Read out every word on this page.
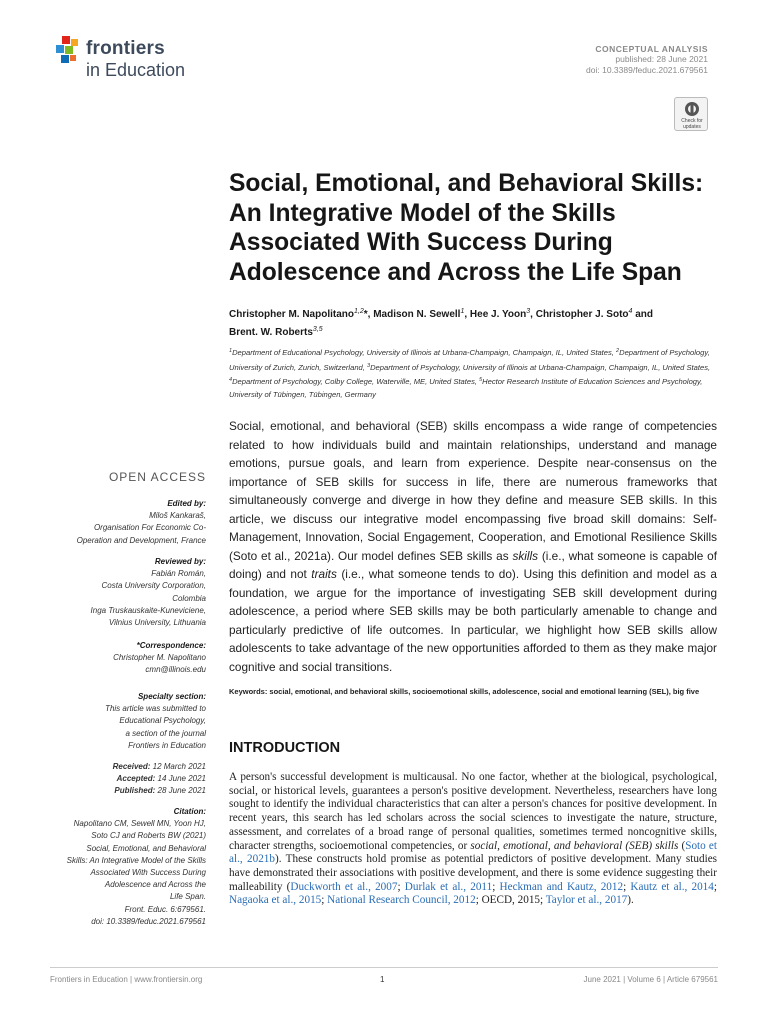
frontiers
in Education
CONCEPTUAL ANALYSIS
published: 28 June 2021
doi: 10.3389/feduc.2021.679561
Check for updates
Social, Emotional, and Behavioral Skills: An Integrative Model of the Skills Associated With Success During Adolescence and Across the Life Span
Christopher M. Napolitano$^{1,2}$*, Madison N. Sewell$^1$, Hee J. Yoon$^3$, Christopher J. Soto$^4$ and
Brent. W. Roberts$^{3,5}$
$^1$Department of Educational Psychology, University of Illinois at Urbana-Champaign, Champaign, IL, United States, $^2$Department of Psychology, University of Zurich, Zurich, Switzerland, $^3$Department of Psychology, University of Illinois at Urbana-Champaign, Champaign, IL, United States, $^4$Department of Psychology, Colby College, Waterville, ME, United States, $^5$Hector Research Institute of Education Sciences and Psychology, University of Tübingen, Tübingen, Germany

Social, emotional, and behavioral (SEB) skills encompass a wide range of competencies related to how individuals build and maintain relationships, understand and manage emotions, pursue goals, and learn from experience. Despite near-consensus on the importance of SEB skills for success in life, there are numerous frameworks that simultaneously converge and diverge in how they define and measure SEB skills. In this article, we discuss our integrative model encompassing five broad skill domains: Self-Management, Innovation, Social Engagement, Cooperation, and Emotional Resilience Skills (Soto et al., 2021a). Our model defines SEB skills as skills (i.e., what someone is capable of doing) and not traits (i.e., what someone tends to do). Using this definition and model as a foundation, we argue for the importance of investigating SEB skill development during adolescence, a period where SEB skills may be both particularly amenable to change and particularly predictive of life outcomes. In particular, we highlight how SEB skills allow adolescents to take advantage of the new opportunities afforded to them as they make major cognitive and social transitions.

Keywords: social, emotional, and behavioral skills, socioemotional skills, adolescence, social and emotional learning (SEL), big five

INTRODUCTION

A person's successful development is multicausal. No one factor, whether at the biological, psychological, social, or historical levels, guarantees a person's positive development. Nevertheless, researchers have long sought to identify the individual characteristics that can alter a person's chances for positive development. In recent years, this search has led scholars across the social sciences to investigate the nature, structure, assessment, and correlates of a broad range of personal qualities, sometimes termed noncognitive skills, character strengths, socioemotional competencies, or social, emotional, and behavioral (SEB) skills (Soto et al., 2021b). These constructs hold promise as potential predictors of positive development. Many studies have demonstrated their associations with positive development, and there is some evidence suggesting their malleability (Duckworth et al., 2007; Durlak et al., 2011; Heckman and Kautz, 2012; Kautz et al., 2014; Nagaoka et al., 2015; National Research Council, 2012; OECD, 2015; Taylor et al., 2017).

OPEN ACCESS
Edited by:
Miloš Kankaraš,
Organisation For Economic Co-
Operation and Development, France
Reviewed by:
Fabián Román,
Costa University Corporation,
Colombia
Inga Truskauskaite-Kuneviciene,
Vilnius University, Lithuania
*Correspondence:
Christopher M. Napolitano
cmn@illinois.edu
Specialty section:
This article was submitted to
Educational Psychology,
a section of the journal
Frontiers in Education
Received: 12 March 2021
Accepted: 14 June 2021
Published: 28 June 2021
Citation:
Napolitano CM, Sewell MN, Yoon HJ,
Soto CJ and Roberts BW (2021)
Social, Emotional, and Behavioral
Skills: An Integrative Model of the Skills
Associated With Success During
Adolescence and Across the
Life Span.
Front. Educ. 6:679561.
doi: 10.3389/feduc.2021.679561
Frontiers in Education | www.frontiersin.org	1	June 2021 | Volume 6 | Article 679561
